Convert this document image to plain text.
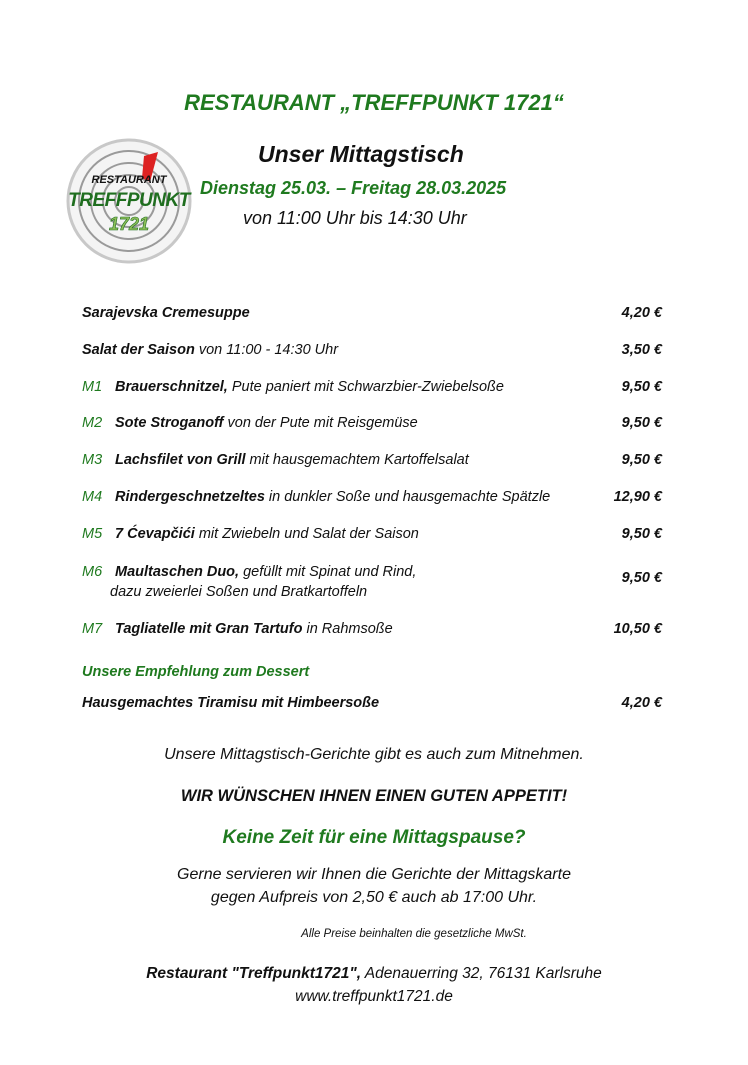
RESTAURANT „TREFFPUNKT 1721“
RESTAURANT
TREFFPUNKT
1721
Unser Mittagstisch
Dienstag 25.03. – Freitag 28.03.2025
von 11:00 Uhr bis 14:30 Uhr
Sarajevska Cremesuppe	4,20 €
Salat der Saison von 11:00 - 14:30 Uhr	3,50 €
M1 Brauerschnitzel, Pute paniert mit Schwarzbier-Zwiebelsoße	9,50 €
M2 Sote Stroganoff von der Pute mit Reisgemüse	9,50 €
M3 Lachsfilet von Grill mit hausgemachtem Kartoffelsalat	9,50 €
M4 Rindergeschnetzeltes in dunkler Soße und hausgemachte Spätzle	12,90 €
M5 7 Ćevapčići mit Zwiebeln und Salat der Saison	9,50 €
M6 Maultaschen Duo, gefüllt mit Spinat und Rind,
dazu zweierlei Soßen und Bratkartoffeln
9,50 €
M7 Tagliatelle mit Gran Tartufo in Rahmsoße	10,50 €
Unsere Empfehlung zum Dessert
Hausgemachtes Tiramisu mit Himbeersoße	4,20 €
Unsere Mittagstisch-Gerichte gibt es auch zum Mitnehmen.
WIR WÜNSCHEN IHNEN EINEN GUTEN APPETIT!
Keine Zeit für eine Mittagspause?
Gerne servieren wir Ihnen die Gerichte der Mittagskarte
gegen Aufpreis von 2,50 € auch ab 17:00 Uhr.
Alle Preise beinhalten die gesetzliche MwSt.
Restaurant "Treffpunkt1721", Adenauerring 32, 76131 Karlsruhe
www.treffpunkt1721.de
